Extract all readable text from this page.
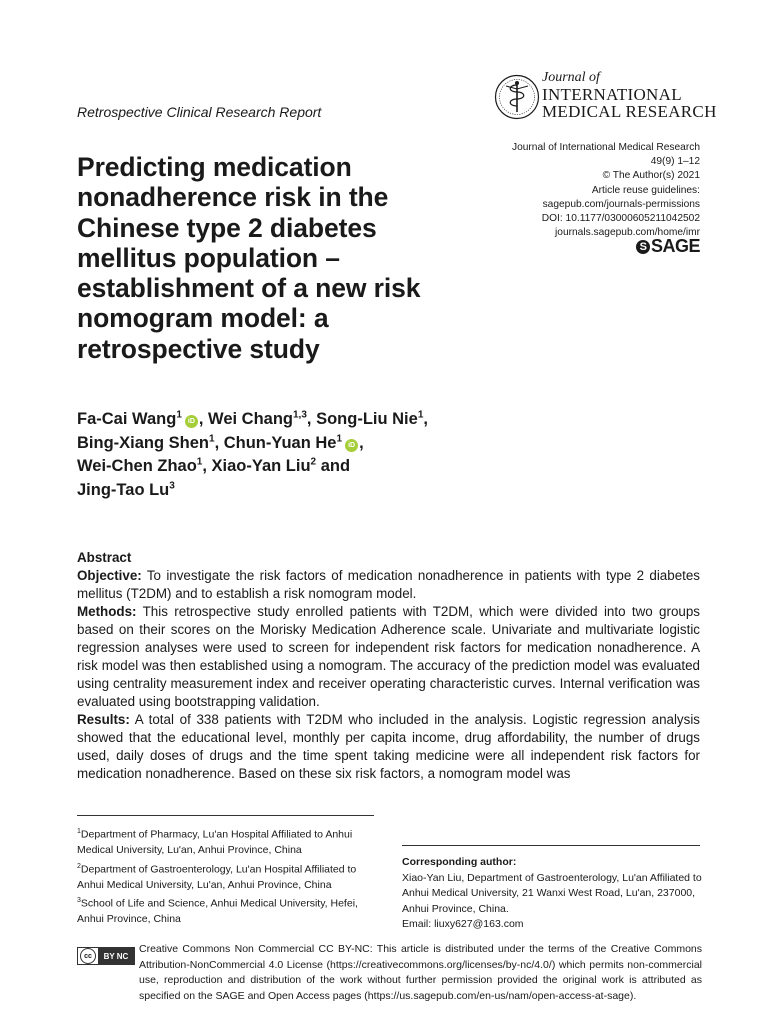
Journal of
INTERNATIONAL
MEDICAL RESEARCH
Retrospective Clinical Research Report
Journal of International Medical Research
49(9) 1–12
© The Author(s) 2021
Article reuse guidelines:
sagepub.com/journals-permissions
DOI: 10.1177/03000605211042502
journals.sagepub.com/home/imr
S SAGE
Predicting medication nonadherence risk in the Chinese type 2 diabetes mellitus population – establishment of a new risk nomogram model: a retrospective study
Fa-Cai Wang$^1$iD , Wei Chang$^{1,3}$, Song-Liu Nie$^1$,
Bing-Xiang Shen$^1$, Chun-Yuan He$^1$iD ,
Wei-Chen Zhao$^1$, Xiao-Yan Liu$^2$ and
Jing-Tao Lu$^3$

Abstract

Objective: To investigate the risk factors of medication nonadherence in patients with type 2 diabetes mellitus (T2DM) and to establish a risk nomogram model.

Methods: This retrospective study enrolled patients with T2DM, which were divided into two groups based on their scores on the Morisky Medication Adherence scale. Univariate and multivariate logistic regression analyses were used to screen for independent risk factors for medication nonadherence. A risk model was then established using a nomogram. The accuracy of the prediction model was evaluated using centrality measurement index and receiver operating characteristic curves. Internal verification was evaluated using bootstrapping validation.

Results: A total of 338 patients with T2DM who included in the analysis. Logistic regression analysis showed that the educational level, monthly per capita income, drug affordability, the number of drugs used, daily doses of drugs and the time spent taking medicine were all independent risk factors for medication nonadherence. Based on these six risk factors, a nomogram model was

$^1$Department of Pharmacy, Lu'an Hospital Affiliated to Anhui Medical University, Lu'an, Anhui Province, China

$^2$Department of Gastroenterology, Lu'an Hospital Affiliated to Anhui Medical University, Lu'an, Anhui Province, China

$^3$School of Life and Science, Anhui Medical University, Hefei, Anhui Province, China

Corresponding author:

Xiao-Yan Liu, Department of Gastroenterology, Lu'an Affiliated to Anhui Medical University, 21 Wanxi West Road, Lu'an, 237000, Anhui Province, China.

Email: liuxy627@163.com

cc	BY NC
Creative Commons Non Commercial CC BY-NC: This article is distributed under the terms of the Creative Commons Attribution-NonCommercial 4.0 License (https://creativecommons.org/licenses/by-nc/4.0/) which permits non-commercial use, reproduction and distribution of the work without further permission provided the original work is attributed as specified on the SAGE and Open Access pages (https://us.sagepub.com/en-us/nam/open-access-at-sage).
